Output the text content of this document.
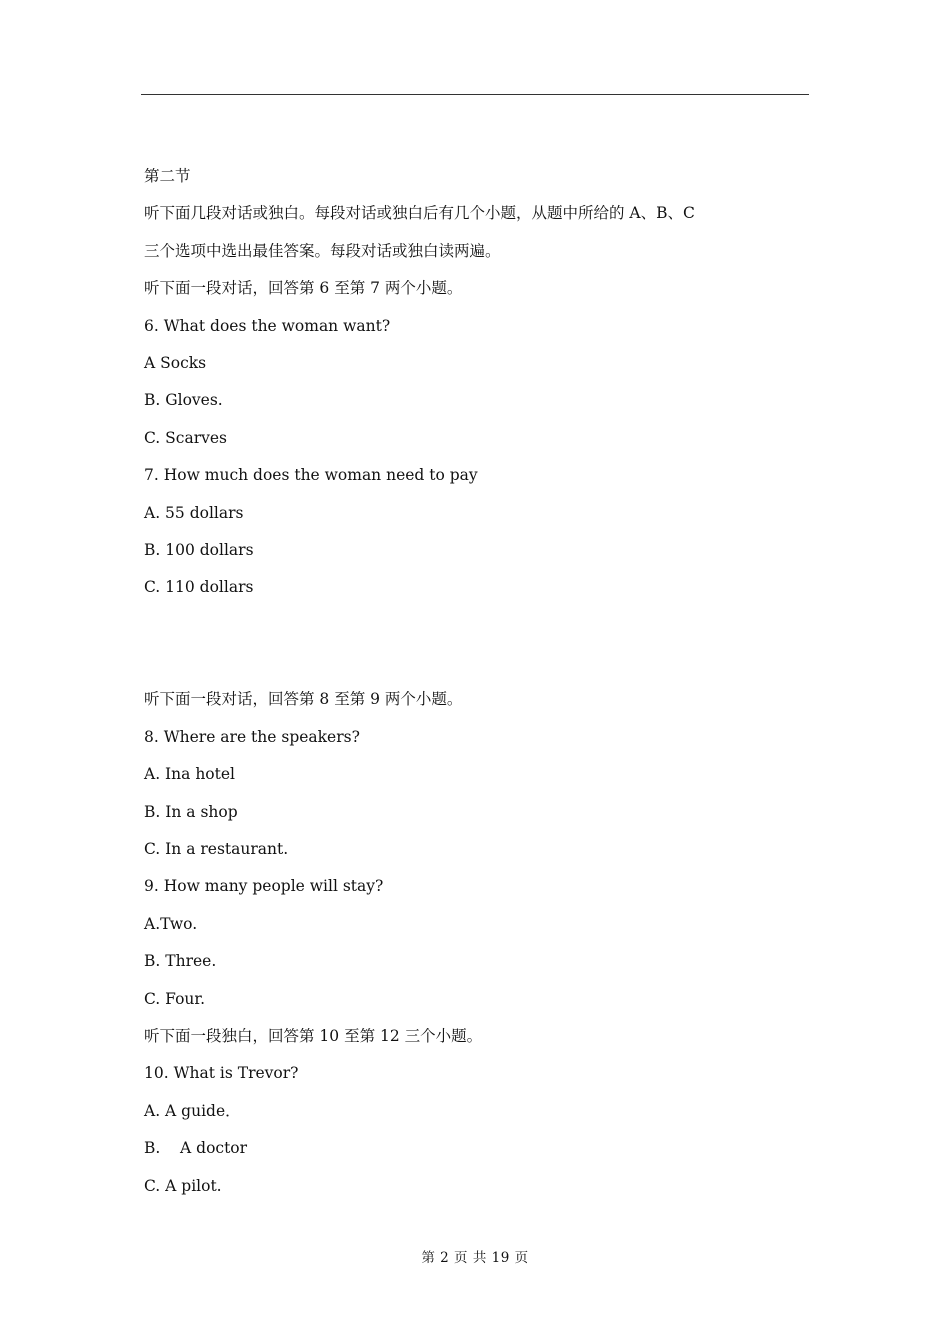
第二节

听下面几段对话或独白。每段对话或独白后有几个小题，从题中所给的 A、B、C

三个选项中选出最佳答案。每段对话或独白读两遍。

听下面一段对话，回答第 6 至第 7 两个小题。

6. What does the woman want?

A Socks

B. Gloves.

C. Scarves

7. How much does the woman need to pay

A. 55 dollars

B. 100 dollars

C. 110 dollars

听下面一段对话，回答第 8 至第 9 两个小题。

8. Where are the speakers?

A. Ina hotel

B. In a shop

C. In a restaurant.

9. How many people will stay?

A.Two.

B. Three.

C. Four.

听下面一段独白，回答第 10 至第 12 三个小题。

10. What is Trevor?

A. A guide．

B.    A doctor

C. A pilot.

第 2 页 共 19 页
